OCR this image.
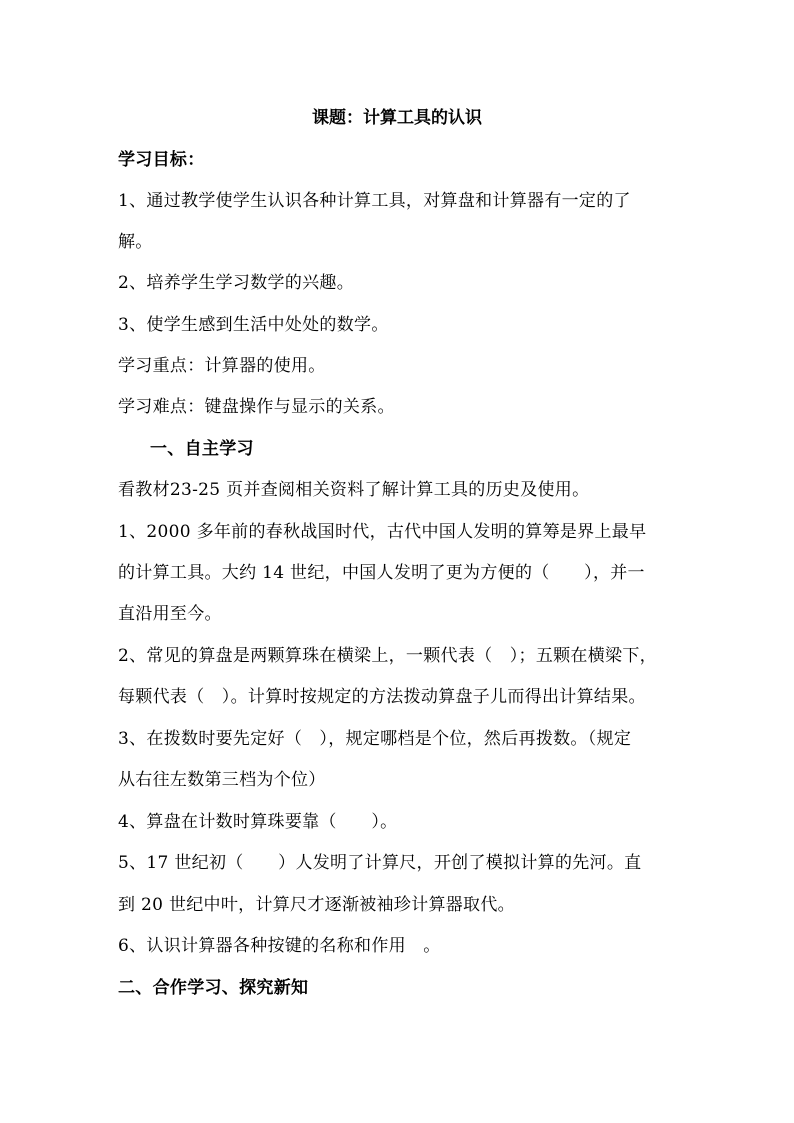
课题：计算工具的认识
学习目标：
1、通过教学使学生认识各种计算工具，对算盘和计算器有一定的了
解。
2、培养学生学习数学的兴趣。
3、使学生感到生活中处处的数学。
学习重点：计算器的使用。
学习难点：键盘操作与显示的关系。
一、自主学习
看教材23-25 页并查阅相关资料了解计算工具的历史及使用。
1、2000 多年前的春秋战国时代，古代中国人发明的算筹是界上最早
的计算工具。大约 14 世纪，中国人发明了更为方便的（　　），并一
直沿用至今。
2、常见的算盘是两颗算珠在横梁上，一颗代表（　）；五颗在横梁下，
每颗代表（　）。计算时按规定的方法拨动算盘子儿而得出计算结果。
3、在拨数时要先定好（　），规定哪档是个位，然后再拨数。（规定
从右往左数第三档为个位）
4、算盘在计数时算珠要靠（　　）。
5、17 世纪初（　　）人发明了计算尺，开创了模拟计算的先河。直
到 20 世纪中叶，计算尺才逐渐被袖珍计算器取代。
6、认识计算器各种按键的名称和作用　。
二、合作学习、探究新知
